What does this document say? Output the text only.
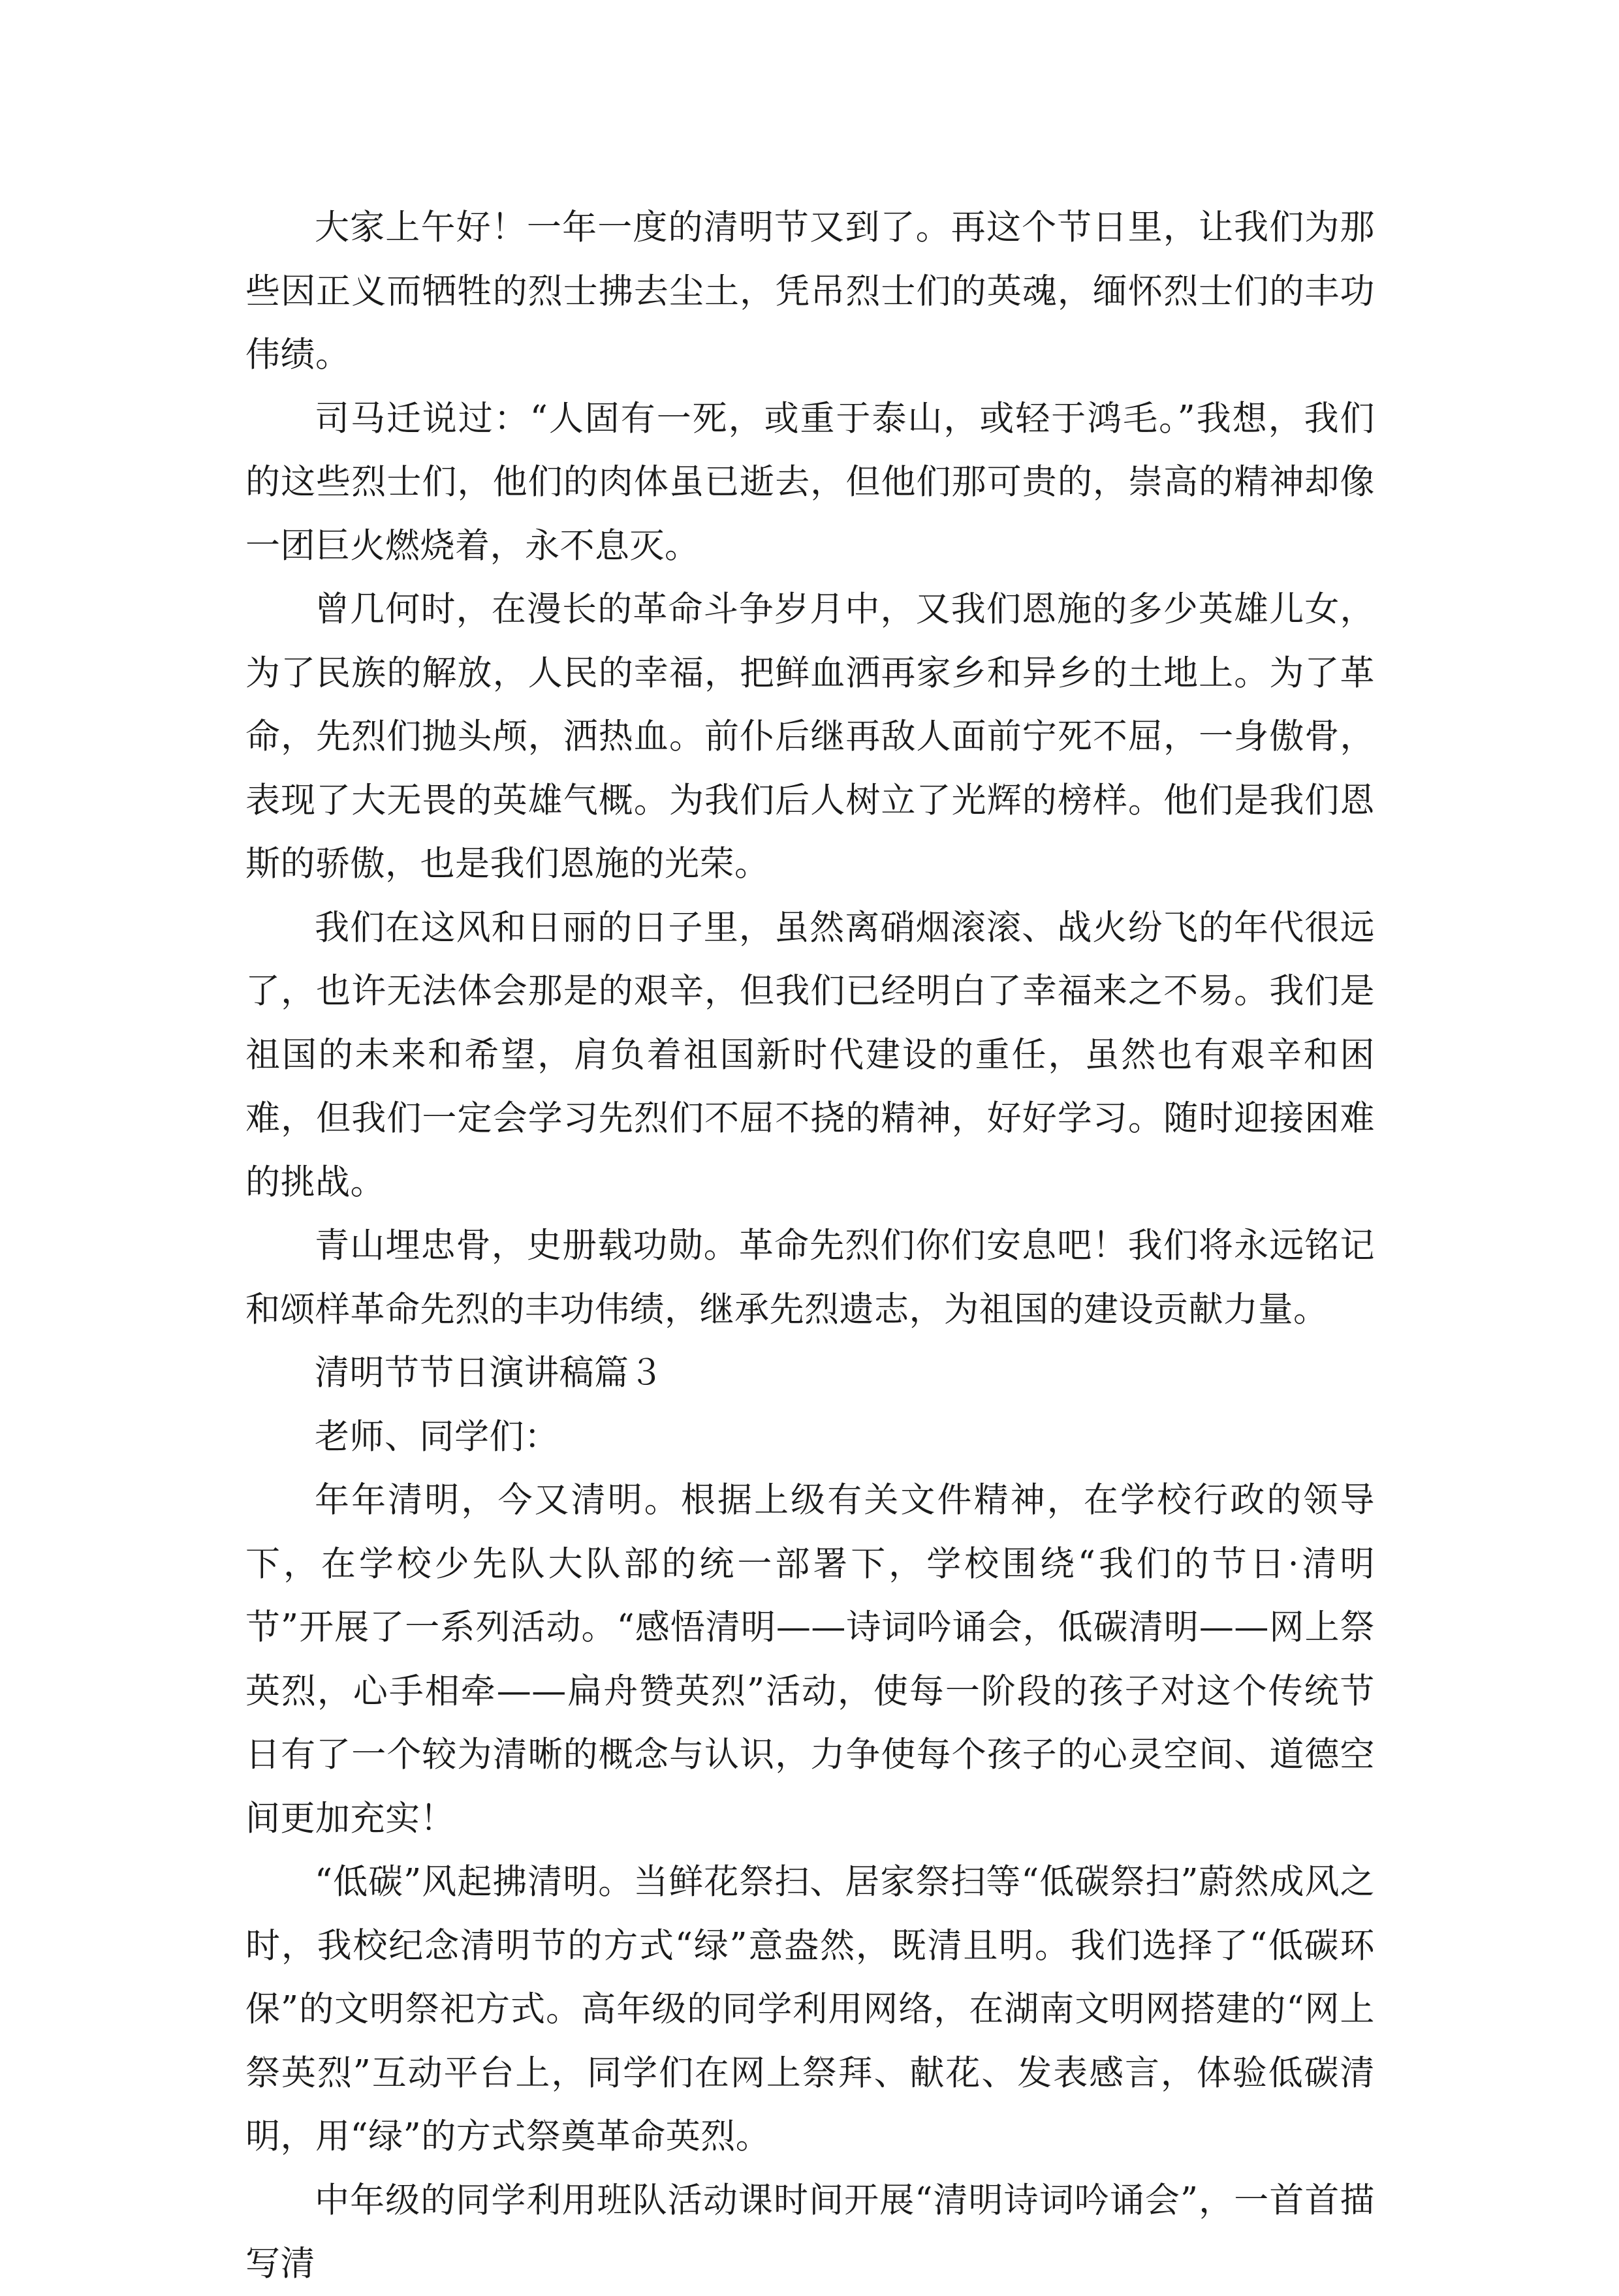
大家上午好！一年一度的清明节又到了。再这个节日里，让我们为那些因正义而牺牲的烈士拂去尘土，凭吊烈士们的英魂，缅怀烈士们的丰功伟绩。

司马迁说过：“人固有一死，或重于泰山，或轻于鸿毛。”我想，我们的这些烈士们，他们的肉体虽已逝去，但他们那可贵的，崇高的精神却像一团巨火燃烧着，永不息灭。

曾几何时，在漫长的革命斗争岁月中，又我们恩施的多少英雄儿女，为了民族的解放，人民的幸福，把鲜血洒再家乡和异乡的土地上。为了革命，先烈们抛头颅，洒热血。前仆后继再敌人面前宁死不屈，一身傲骨，表现了大无畏的英雄气概。为我们后人树立了光辉的榜样。他们是我们恩斯的骄傲，也是我们恩施的光荣。

我们在这风和日丽的日子里，虽然离硝烟滚滚、战火纷飞的年代很远了，也许无法体会那是的艰辛，但我们已经明白了幸福来之不易。我们是祖国的未来和希望，肩负着祖国新时代建设的重任，虽然也有艰辛和困难，但我们一定会学习先烈们不屈不挠的精神，好好学习。随时迎接困难的挑战。

青山埋忠骨，史册载功勋。革命先烈们你们安息吧！我们将永远铭记和颂样革命先烈的丰功伟绩，继承先烈遗志，为祖国的建设贡献力量。

清明节节日演讲稿篇３

老师、同学们：

年年清明，今又清明。根据上级有关文件精神，在学校行政的领导下，在学校少先队大队部的统一部署下，学校围绕“我们的节日·清明节”开展了一系列活动。“感悟清明——诗词吟诵会，低碳清明——网上祭英烈，心手相牵——扁舟赞英烈”活动，使每一阶段的孩子对这个传统节日有了一个较为清晰的概念与认识，力争使每个孩子的心灵空间、道德空间更加充实！

“低碳”风起拂清明。当鲜花祭扫、居家祭扫等“低碳祭扫”蔚然成风之时，我校纪念清明节的方式“绿”意盎然，既清且明。我们选择了“低碳环保”的文明祭祀方式。高年级的同学利用网络，在湖南文明网搭建的“网上祭英烈”互动平台上，同学们在网上祭拜、献花、发表感言，体验低碳清明，用“绿”的方式祭奠革命英烈。

中年级的同学利用班队活动课时间开展“清明诗词吟诵会”，一首首描写清
